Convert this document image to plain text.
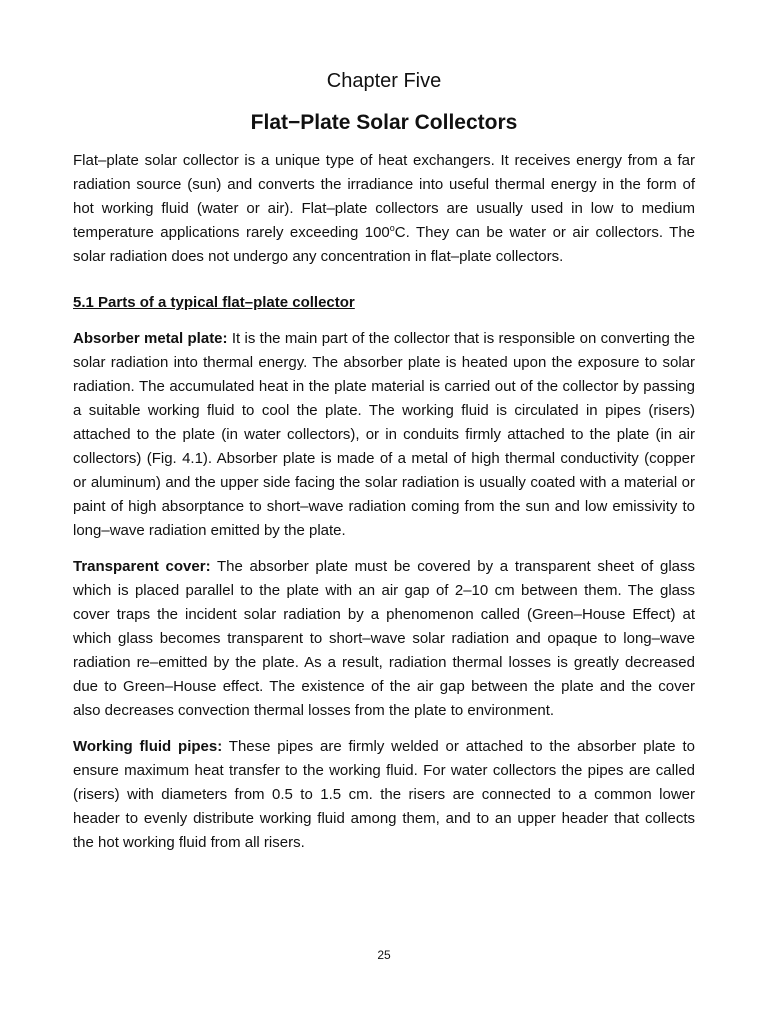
Chapter Five
Flat−Plate Solar Collectors

Flat–plate solar collector is a unique type of heat exchangers. It receives energy from a far radiation source (sun) and converts the irradiance into useful thermal energy in the form of hot working fluid (water or air). Flat–plate collectors are usually used in low to medium temperature applications rarely exceeding 100$^o$C. They can be water or air collectors. The solar radiation does not undergo any concentration in flat–plate collectors.

5.1 Parts of a typical flat–plate collector

Absorber metal plate: It is the main part of the collector that is responsible on converting the solar radiation into thermal energy. The absorber plate is heated upon the exposure to solar radiation. The accumulated heat in the plate material is carried out of the collector by passing a suitable working fluid to cool the plate. The working fluid is circulated in pipes (risers) attached to the plate (in water collectors), or in conduits firmly attached to the plate (in air collectors) (Fig. 4.1). Absorber plate is made of a metal of high thermal conductivity (copper or aluminum) and the upper side facing the solar radiation is usually coated with a material or paint of high absorptance to short–wave radiation coming from the sun and low emissivity to long–wave radiation emitted by the plate.

Transparent cover: The absorber plate must be covered by a transparent sheet of glass which is placed parallel to the plate with an air gap of 2–10 cm between them. The glass cover traps the incident solar radiation by a phenomenon called (Green–House Effect) at which glass becomes transparent to short–wave solar radiation and opaque to long–wave radiation re–emitted by the plate. As a result, radiation thermal losses is greatly decreased due to Green–House effect. The existence of the air gap between the plate and the cover also decreases convection thermal losses from the plate to environment.

Working fluid pipes: These pipes are firmly welded or attached to the absorber plate to ensure maximum heat transfer to the working fluid. For water collectors the pipes are called (risers) with diameters from 0.5 to 1.5 cm. the risers are connected to a common lower header to evenly distribute working fluid among them, and to an upper header that collects the hot working fluid from all risers.

25
